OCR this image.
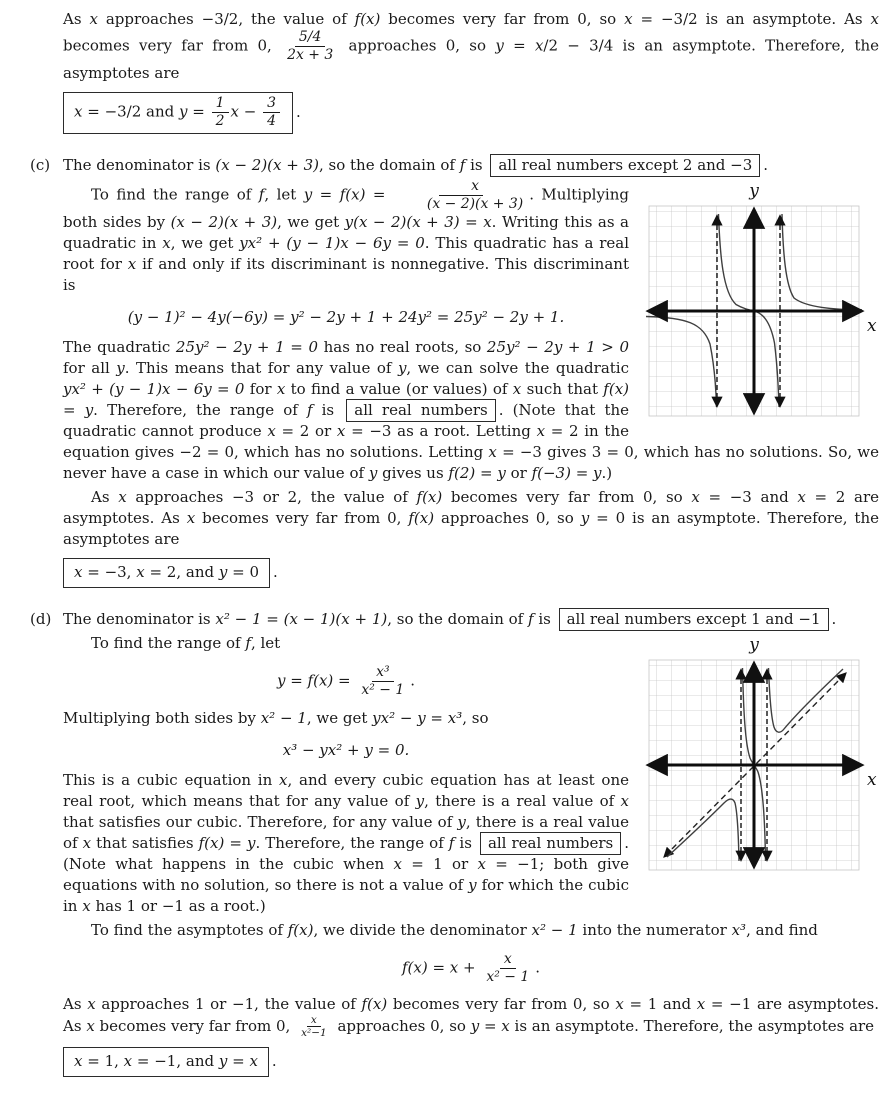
As x approaches −3/2, the value of f(x) becomes very far from 0, so x = −3/2 is an asymptote. As x becomes very far from 0, $\frac{5/4}{2x + 3}$ approaches 0, so y = x/2 − 3/4 is an asymptote. Therefore, the asymptotes are
x = −3/2 and $y = \frac{1}{2}$ $x - \frac{3}{4}$ .
(c) The denominator is (x − 2)(x + 3), so the domain of f is all real numbers except 2 and −3 .
y
x
To find the range of f, let $y = f(x) = \frac{x}{(x - 2)(x + 3)}$ . Multiplying both sides by (x − 2)(x + 3), we get y(x − 2)(x + 3) = x. Writing this as a quadratic in x, we get yx² + (y − 1)x − 6y = 0. This quadratic has a real root for x if and only if its discriminant is nonnegative. This discriminant is
(y − 1)² − 4y(−6y) = y² − 2y + 1 + 24y² = 25y² − 2y + 1.
The quadratic 25y² − 2y + 1 = 0 has no real roots, so 25y² − 2y + 1 > 0 for all y. This means that for any value of y, we can solve the quadratic yx² + (y − 1)x − 6y = 0 for x to find a value (or values) of x such that f(x) = y. Therefore, the range of f is all real numbers . (Note that the quadratic cannot produce x = 2 or x = −3 as a root. Letting x = 2 in the equation gives −2 = 0, which has no solutions. Letting x = −3 gives 3 = 0, which has no solutions. So, we never have a case in which our value of y gives us f(2) = y or f(−3) = y.)
As x approaches −3 or 2, the value of f(x) becomes very far from 0, so x = −3 and x = 2 are asymptotes. As x becomes very far from 0, f(x) approaches 0, so y = 0 is an asymptote. Therefore, the asymptotes are
x = −3, x = 2, and y = 0 .
(d) The denominator is x² − 1 = (x − 1)(x + 1), so the domain of f is all real numbers except 1 and −1 .
y
x
To find the range of f, let
$y = f(x) = \frac{\text{x³}}{\text{x² − 1}}$ .
Multiplying both sides by x² − 1, we get yx² − y = x³, so
x³ − yx² + y = 0.
This is a cubic equation in x, and every cubic equation has at least one real root, which means that for any value of y, there is a real value of x that satisfies our cubic. Therefore, for any value of y, there is a real value of x that satisfies f(x) = y. Therefore, the range of f is all real numbers . (Note what happens in the cubic when x = 1 or x = −1; both give equations with no solution, so there is not a value of y for which the cubic in x has 1 or −1 as a root.)
To find the asymptotes of f(x), we divide the denominator x² − 1 into the numerator x³, and find
$f(x) = x + \frac{x}{\text{x² − 1}}$ .
As x approaches 1 or −1, the value of f(x) becomes very far from 0, so x = 1 and x = −1 are asymptotes. As x becomes very far from 0, $\frac{x}{\text{x²−1}}$ approaches 0, so y = x is an asymptote. Therefore, the asymptotes are
x = 1, x = −1, and y = x .
